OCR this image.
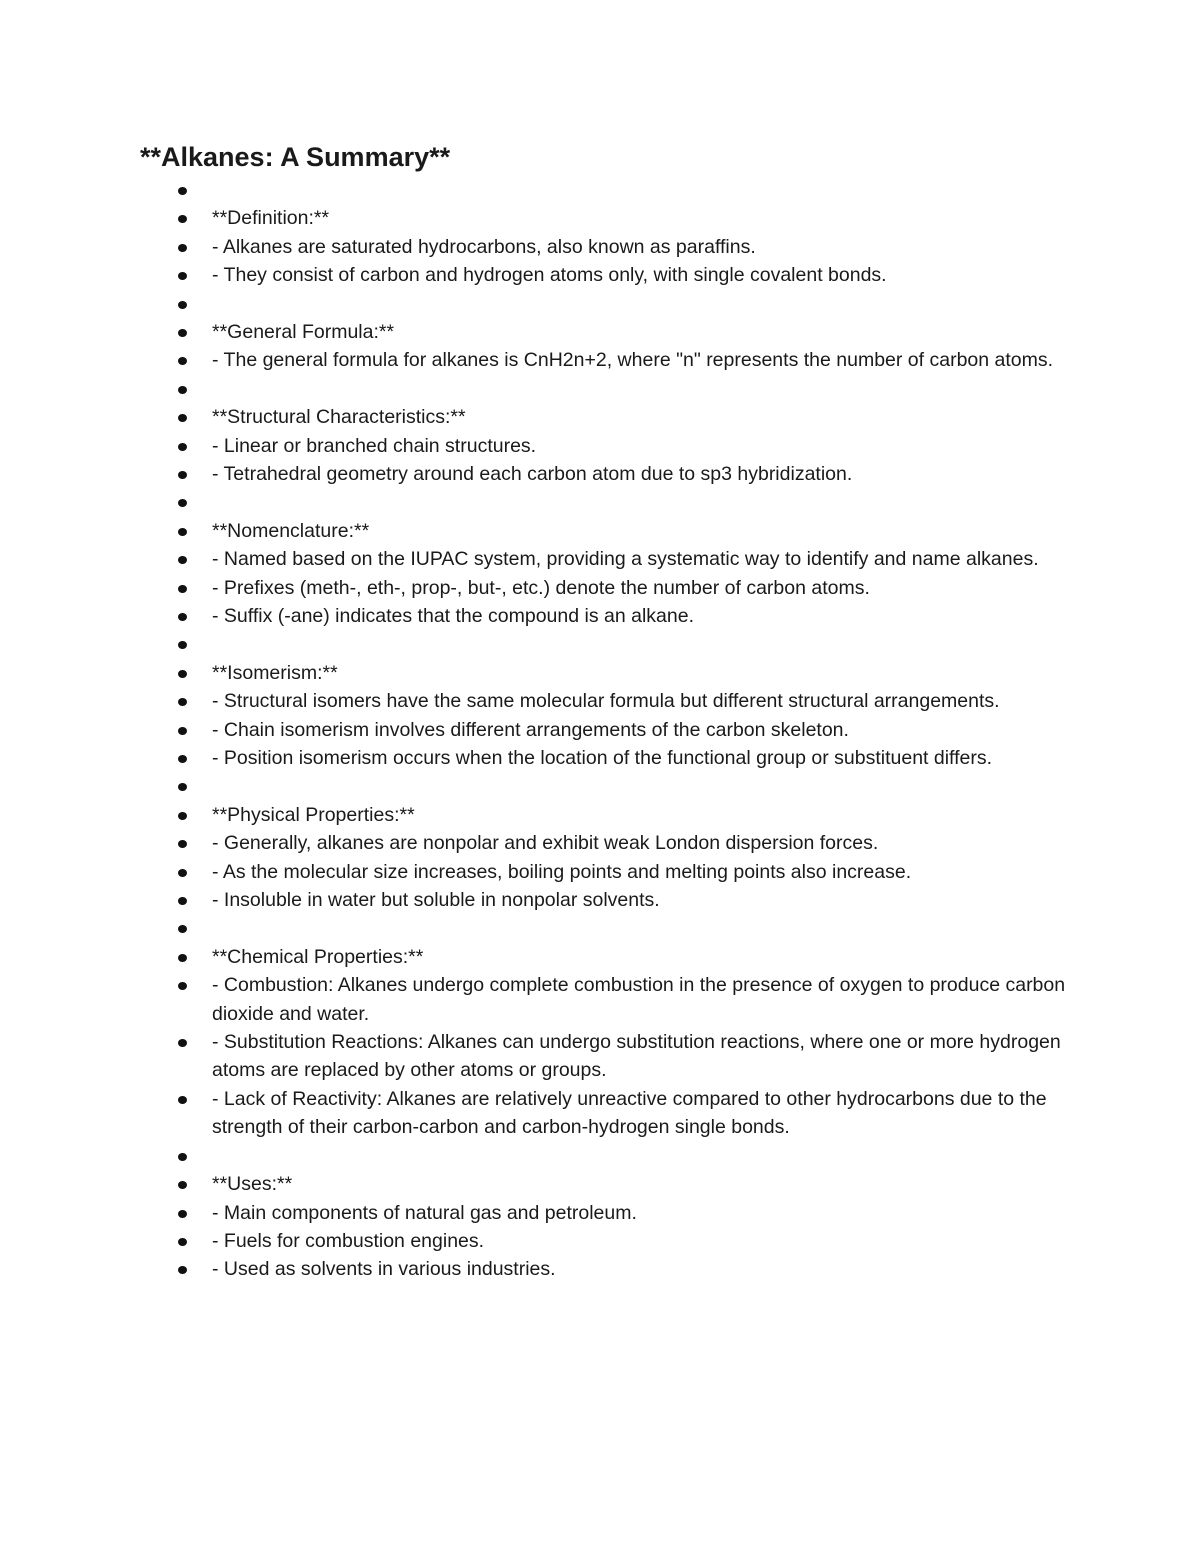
**Alkanes: A Summary**
**Definition:**
- Alkanes are saturated hydrocarbons, also known as paraffins.
- They consist of carbon and hydrogen atoms only, with single covalent bonds.
**General Formula:**
- The general formula for alkanes is CnH2n+2, where "n" represents the number of carbon atoms.
**Structural Characteristics:**
- Linear or branched chain structures.
- Tetrahedral geometry around each carbon atom due to sp3 hybridization.
**Nomenclature:**
- Named based on the IUPAC system, providing a systematic way to identify and name alkanes.
- Prefixes (meth-, eth-, prop-, but-, etc.) denote the number of carbon atoms.
- Suffix (-ane) indicates that the compound is an alkane.
**Isomerism:**
- Structural isomers have the same molecular formula but different structural arrangements.
- Chain isomerism involves different arrangements of the carbon skeleton.
- Position isomerism occurs when the location of the functional group or substituent differs.
**Physical Properties:**
- Generally, alkanes are nonpolar and exhibit weak London dispersion forces.
- As the molecular size increases, boiling points and melting points also increase.
- Insoluble in water but soluble in nonpolar solvents.
**Chemical Properties:**
- Combustion: Alkanes undergo complete combustion in the presence of oxygen to produce carbon dioxide and water.
- Substitution Reactions: Alkanes can undergo substitution reactions, where one or more hydrogen atoms are replaced by other atoms or groups.
- Lack of Reactivity: Alkanes are relatively unreactive compared to other hydrocarbons due to the strength of their carbon-carbon and carbon-hydrogen single bonds.
**Uses:**
- Main components of natural gas and petroleum.
- Fuels for combustion engines.
- Used as solvents in various industries.
